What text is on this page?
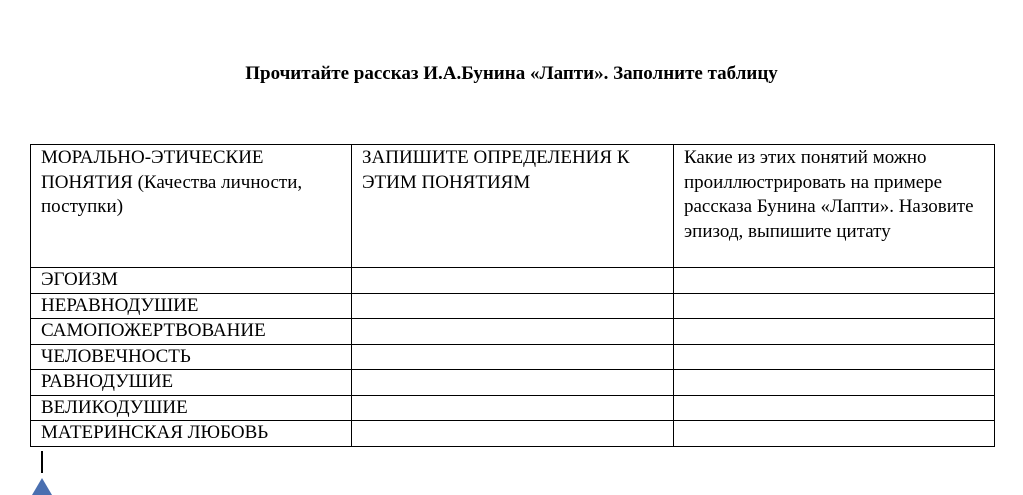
Прочитайте рассказ И.А.Бунина «Лапти». Заполните таблицу
МОРАЛЬНО-ЭТИЧЕСКИЕ ПОНЯТИЯ (Качества личности, поступки)	ЗАПИШИТЕ ОПРЕДЕЛЕНИЯ К ЭТИМ ПОНЯТИЯМ	Какие из этих понятий можно проиллюстрировать на примере рассказа Бунина «Лапти». Назовите эпизод, выпишите цитату
ЭГОИЗМ		
НЕРАВНОДУШИЕ		
САМОПОЖЕРТВОВАНИЕ		
ЧЕЛОВЕЧНОСТЬ		
РАВНОДУШИЕ		
ВЕЛИКОДУШИЕ		
МАТЕРИНСКАЯ ЛЮБОВЬ		
